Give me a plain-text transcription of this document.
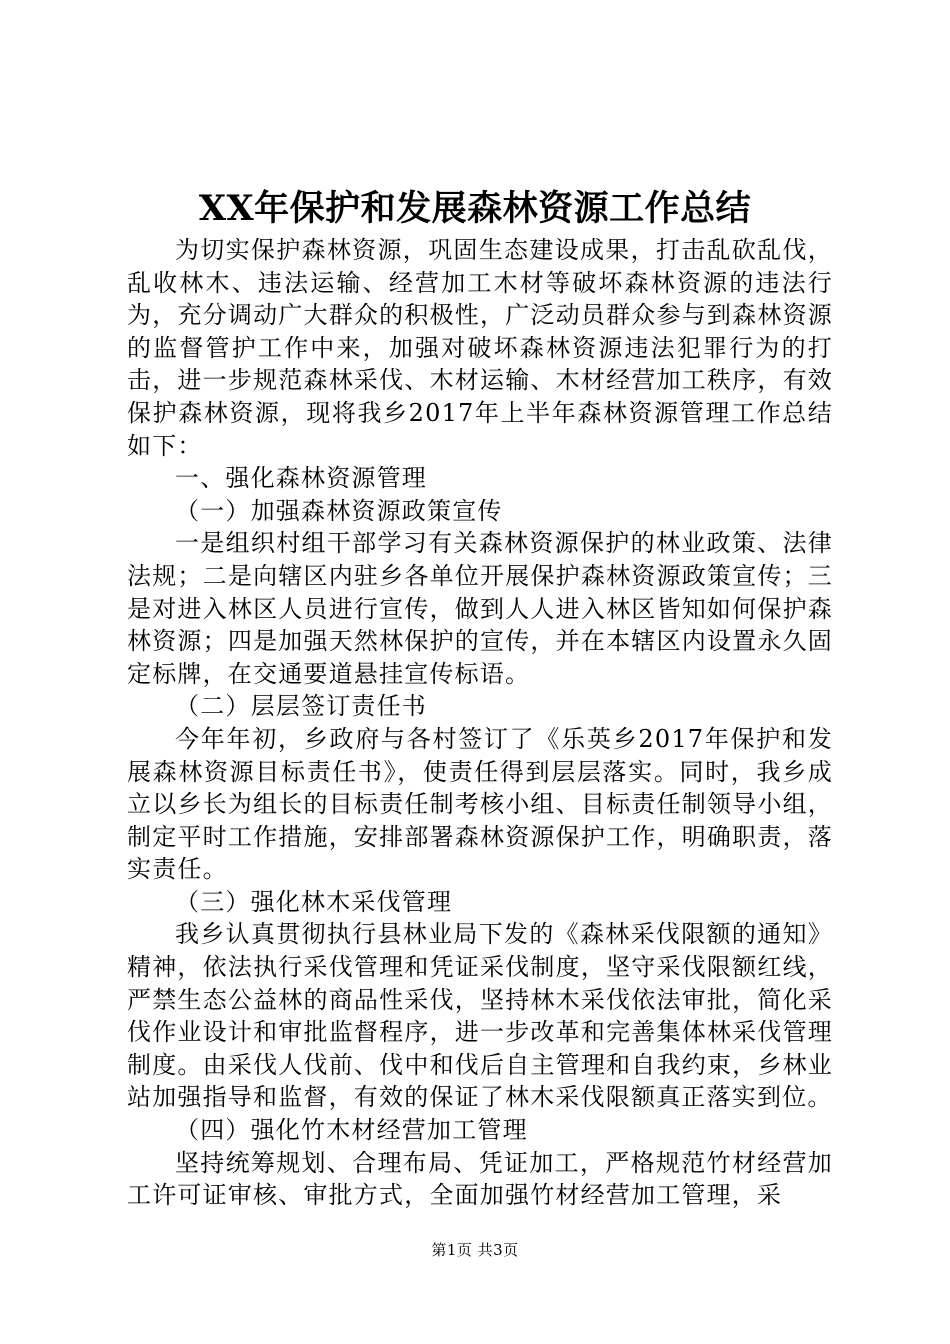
XX年保护和发展森林资源工作总结

为切实保护森林资源，巩固生态建设成果，打击乱砍乱伐，乱收林木、违法运输、经营加工木材等破坏森林资源的违法行为，充分调动广大群众的积极性，广泛动员群众参与到森林资源的监督管护工作中来，加强对破坏森林资源违法犯罪行为的打击，进一步规范森林采伐、木材运输、木材经营加工秩序，有效保护森林资源，现将我乡2017年上半年森林资源管理工作总结如下：

一、强化森林资源管理

（一）加强森林资源政策宣传

一是组织村组干部学习有关森林资源保护的林业政策、法律法规；二是向辖区内驻乡各单位开展保护森林资源政策宣传；三是对进入林区人员进行宣传，做到人人进入林区皆知如何保护森林资源；四是加强天然林保护的宣传，并在本辖区内设置永久固定标牌，在交通要道悬挂宣传标语。

（二）层层签订责任书

今年年初，乡政府与各村签订了《乐英乡2017年保护和发展森林资源目标责任书》，使责任得到层层落实。同时，我乡成立以乡长为组长的目标责任制考核小组、目标责任制领导小组，制定平时工作措施，安排部署森林资源保护工作，明确职责，落实责任。

（三）强化林木采伐管理

我乡认真贯彻执行县林业局下发的《森林采伐限额的通知》精神，依法执行采伐管理和凭证采伐制度，坚守采伐限额红线，严禁生态公益林的商品性采伐，坚持林木采伐依法审批，简化采伐作业设计和审批监督程序，进一步改革和完善集体林采伐管理制度。由采伐人伐前、伐中和伐后自主管理和自我约束，乡林业站加强指导和监督，有效的保证了林木采伐限额真正落实到位。

（四）强化竹木材经营加工管理

坚持统筹规划、合理布局、凭证加工，严格规范竹材经营加工许可证审核、审批方式，全面加强竹材经营加工管理，采

第1页 共3页
